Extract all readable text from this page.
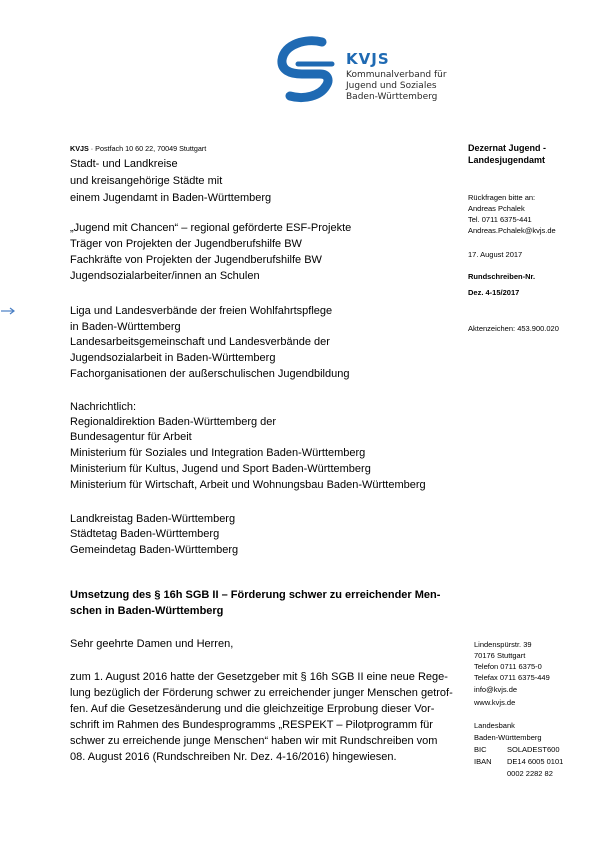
KVJS
Kommunalverband für
Jugend und Soziales
Baden-Württemberg
KVJS · Postfach 10 60 22, 70049 Stuttgart
Stadt- und Landkreise
und kreisangehörige Städte mit
einem Jugendamt in Baden-Württemberg
„Jugend mit Chancen“ – regional geförderte ESF-Projekte
Träger von Projekten der Jugendberufshilfe BW
Fachkräfte von Projekten der Jugendberufshilfe BW
Jugendsozialarbeiter/innen an Schulen
Liga und Landesverbände der freien Wohlfahrtspflege
in Baden-Württemberg
Landesarbeitsgemeinschaft und Landesverbände der
Jugendsozialarbeit in Baden-Württemberg
Fachorganisationen der außerschulischen Jugendbildung
Nachrichtlich:
Regionaldirektion Baden-Württemberg der
Bundesagentur für Arbeit
Ministerium für Soziales und Integration Baden-Württemberg
Ministerium für Kultus, Jugend und Sport Baden-Württemberg
Ministerium für Wirtschaft, Arbeit und Wohnungsbau Baden-Württemberg
Landkreistag Baden-Württemberg
Städtetag Baden-Württemberg
Gemeindetag Baden-Württemberg
Dezernat Jugend -
Landesjugendamt
Rückfragen bitte an:
Andreas Pchalek
Tel. 0711 6375-441
Andreas.Pchalek@kvjs.de
17. August 2017
Rundschreiben-Nr.
Dez. 4-15/2017
Aktenzeichen: 453.900.020
Umsetzung des § 16h SGB II – Förderung schwer zu erreichender Men-
schen in Baden-Württemberg
Sehr geehrte Damen und Herren,
zum 1. August 2016 hatte der Gesetzgeber mit § 16h SGB II eine neue Rege-
lung bezüglich der Förderung schwer zu erreichender junger Menschen getrof-
fen. Auf die Gesetzesänderung und die gleichzeitige Erprobung dieser Vor-
schrift im Rahmen des Bundesprogramms „RESPEKT – Pilotprogramm für
schwer zu erreichende junge Menschen“ haben wir mit Rundschreiben vom
08. August 2016 (Rundschreiben Nr. Dez. 4-16/2016) hingewiesen.
Lindenspürstr. 39
70176 Stuttgart
Telefon 0711 6375-0
Telefax 0711 6375-449
info@kvjs.de
www.kvjs.de
Landesbank
Baden-Württemberg
BIC	SOLADEST600
IBAN DE14 6005 0101
0002 2282 82
